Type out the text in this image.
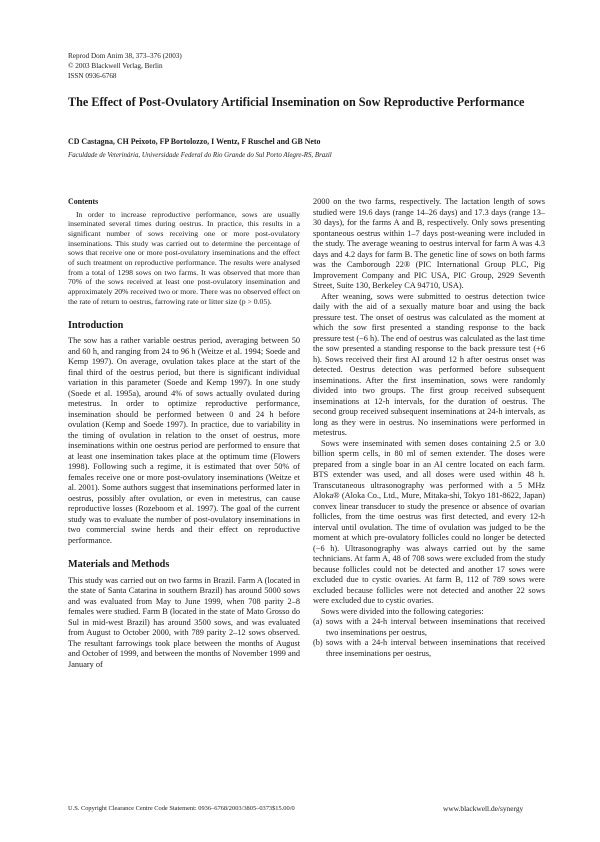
Reprod Dom Anim 38, 373–376 (2003)
© 2003 Blackwell Verlag, Berlin
ISSN 0936-6768
The Effect of Post-Ovulatory Artificial Insemination on Sow Reproductive Performance
CD Castagna, CH Peixoto, FP Bortolozzo, I Wentz, F Ruschel and GB Neto
Faculdade de Veterinária, Universidade Federal do Rio Grande do Sul Porto Alegre-RS, Brazil
Contents

In order to increase reproductive performance, sows are usually inseminated several times during oestrus. In practice, this results in a significant number of sows receiving one or more post-ovulatory inseminations. This study was carried out to determine the percentage of sows that receive one or more post-ovulatory inseminations and the effect of such treatment on reproductive performance. The results were analysed from a total of 1298 sows on two farms. It was observed that more than 70% of the sows received at least one post-ovulatory insemination and approximately 20% received two or more. There was no observed effect on the rate of return to oestrus, farrowing rate or litter size (p > 0.05).

Introduction

The sow has a rather variable oestrus period, averaging between 50 and 60 h, and ranging from 24 to 96 h (Weitze et al. 1994; Soede and Kemp 1997). On average, ovulation takes place at the start of the final third of the oestrus period, but there is significant individual variation in this parameter (Soede and Kemp 1997). In one study (Soede et al. 1995a), around 4% of sows actually ovulated during metestrus. In order to optimize reproductive performance, insemination should be performed between 0 and 24 h before ovulation (Kemp and Soede 1997). In practice, due to variability in the timing of ovulation in relation to the onset of oestrus, more inseminations within one oestrus period are performed to ensure that at least one insemination takes place at the optimum time (Flowers 1998). Following such a regime, it is estimated that over 50% of females receive one or more post-ovulatory inseminations (Weitze et al. 2001). Some authors suggest that inseminations performed later in oestrus, possibly after ovulation, or even in metestrus, can cause reproductive losses (Rozeboom et al. 1997). The goal of the current study was to evaluate the number of post-ovulatory inseminations in two commercial swine herds and their effect on reproductive performance.

Materials and Methods

This study was carried out on two farms in Brazil. Farm A (located in the state of Santa Catarina in southern Brazil) has around 5000 sows and was evaluated from May to June 1999, when 708 parity 2–8 females were studied. Farm B (located in the state of Mato Grosso do Sul in mid-west Brazil) has around 3500 sows, and was evaluated from August to October 2000, with 789 parity 2–12 sows observed. The resultant farrowings took place between the months of August and October of 1999, and between the months of November 1999 and January of

2000 on the two farms, respectively. The lactation length of sows studied were 19.6 days (range 14–26 days) and 17.3 days (range 13–30 days), for the farms A and B, respectively. Only sows presenting spontaneous oestrus within 1–7 days post-weaning were included in the study. The average weaning to oestrus interval for farm A was 4.3 days and 4.2 days for farm B. The genetic line of sows on both farms was the Camborough 22® (PIC International Group PLC, Pig Improvement Company and PIC USA, PIC Group, 2929 Seventh Street, Suite 130, Berkeley CA 94710, USA).

After weaning, sows were submitted to oestrus detection twice daily with the aid of a sexually mature boar and using the back pressure test. The onset of oestrus was calculated as the moment at which the sow first presented a standing response to the back pressure test (−6 h). The end of oestrus was calculated as the last time the sow presented a standing response to the back pressure test (+6 h). Sows received their first AI around 12 h after oestrus onset was detected. Oestrus detection was performed before subsequent inseminations. After the first insemination, sows were randomly divided into two groups. The first group received subsequent inseminations at 12-h intervals, for the duration of oestrus. The second group received subsequent inseminations at 24-h intervals, as long as they were in oestrus. No inseminations were performed in metestrus.

Sows were inseminated with semen doses containing 2.5 or 3.0 billion sperm cells, in 80 ml of semen extender. The doses were prepared from a single boar in an AI centre located on each farm. BTS extender was used, and all doses were used within 48 h. Transcutaneous ultrasonography was performed with a 5 MHz Aloka® (Aloka Co., Ltd., Mure, Mitaka-shi, Tokyo 181-8622, Japan) convex linear transducer to study the presence or absence of ovarian follicles, from the time oestrus was first detected, and every 12-h interval until ovulation. The time of ovulation was judged to be the moment at which pre-ovulatory follicles could no longer be detected (−6 h). Ultrasonography was always carried out by the same technicians. At farm A, 48 of 708 sows were excluded from the study because follicles could not be detected and another 17 sows were excluded due to cystic ovaries. At farm B, 112 of 789 sows were excluded because follicles were not detected and another 22 sows were excluded due to cystic ovaries.

Sows were divided into the following categories:

(a) sows with a 24-h interval between inseminations that received two inseminations per oestrus,
(b) sows with a 24-h interval between inseminations that received three inseminations per oestrus,
U.S. Copyright Clearance Centre Code Statement: 0936–6768/2003/3805–0373$15.00/0	www.blackwell.de/synergy
